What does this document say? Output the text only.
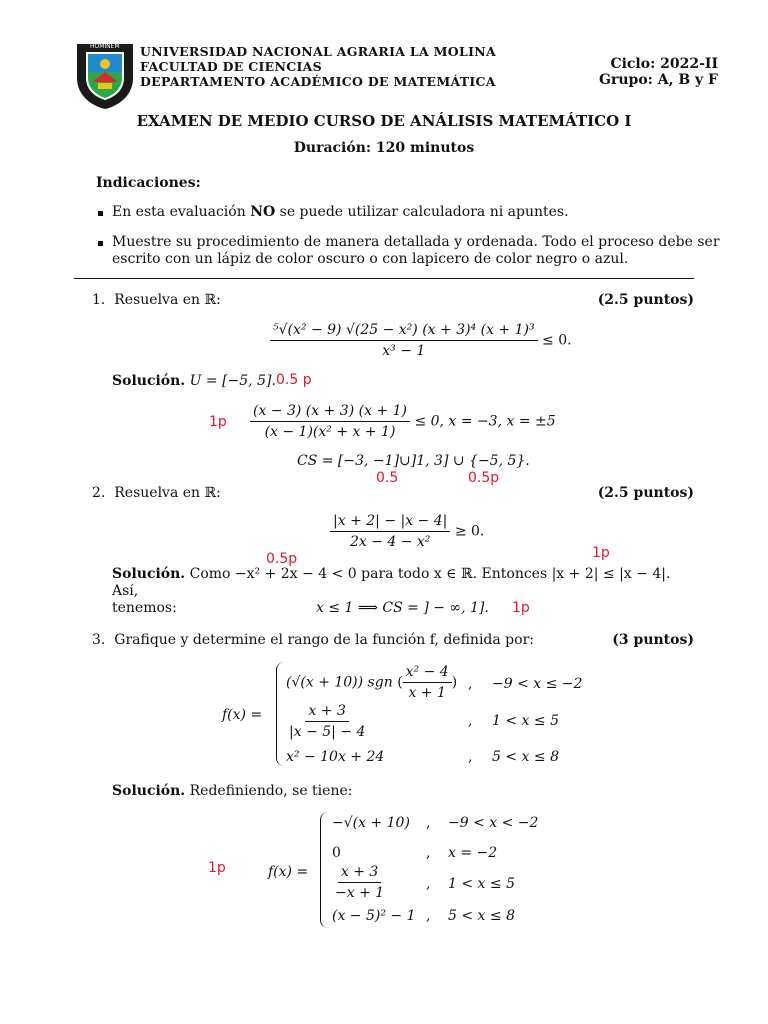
HOMINEM UNIVERSIDAD NACIONAL AGRARIA LA MOLINA
FACULTAD DE CIENCIAS
DEPARTAMENTO ACADÉMICO DE MATEMÁTICA
Ciclo: 2022-II
Grupo: A, B y F
EXAMEN DE MEDIO CURSO DE ANÁLISIS MATEMÁTICO I
Duración: 120 minutos
Indicaciones:
En esta evaluación NO se puede utilizar calculadora ni apuntes.
Muestre su procedimiento de manera detallada y ordenada. Todo el proceso debe ser
escrito con un lápiz de color oscuro o con lapicero de color negro o azul.
1. Resuelva en ℝ:	(2.5 puntos)
$\frac{\text{⁵√(x² − 9) √(25 − x²) (x + 3)⁴ (x + 1)³}}{\text{x³ − 1}} \le 0$.
Solución. U = [−5, 5]. 0.5 p
$1p \frac{(x - 3) (x + 3) (x + 1)}{\text{(x − 1)(x² + x + 1)}} \le 0$, x = −3, x = ±5
CS = [−3, −1]∪]1, 3] ∪ {−5, 5}.
0.5	0.5p
2. Resuelva en ℝ:	(2.5 puntos)
$\frac{|x + 2| - |x - 4|}{\text{2x − 4 − x²}} \ge 0$.
0.5p	1p
Solución. Como −x² + 2x − 4 < 0 para todo x ∈ ℝ. Entonces |x + 2| ≤ |x − 4|. Así,
tenemos:	x ≤ 1 ⟹ CS = ] − ∞, 1]. 1p
3. Grafique y determine el rango de la función f, definida por:	(3 puntos)
f(x) =
(√(x + 10)) sgn ( $\frac{\text{x² − 4}}{x + 1}$ ) , −9 < x ≤ −2
$\frac{x + 3}{|x - 5| - 4}$	, 1 < x ≤ 5
x² − 10x + 24	, 5 < x ≤ 8
Solución. Redefiniendo, se tiene:
1p	f(x) =
−√(x + 10) , −9 < x < −2
0	, x = −2
$\frac{x + 3}{-x + 1}$	, 1 < x ≤ 5
(x − 5)² − 1 , 5 < x ≤ 8
